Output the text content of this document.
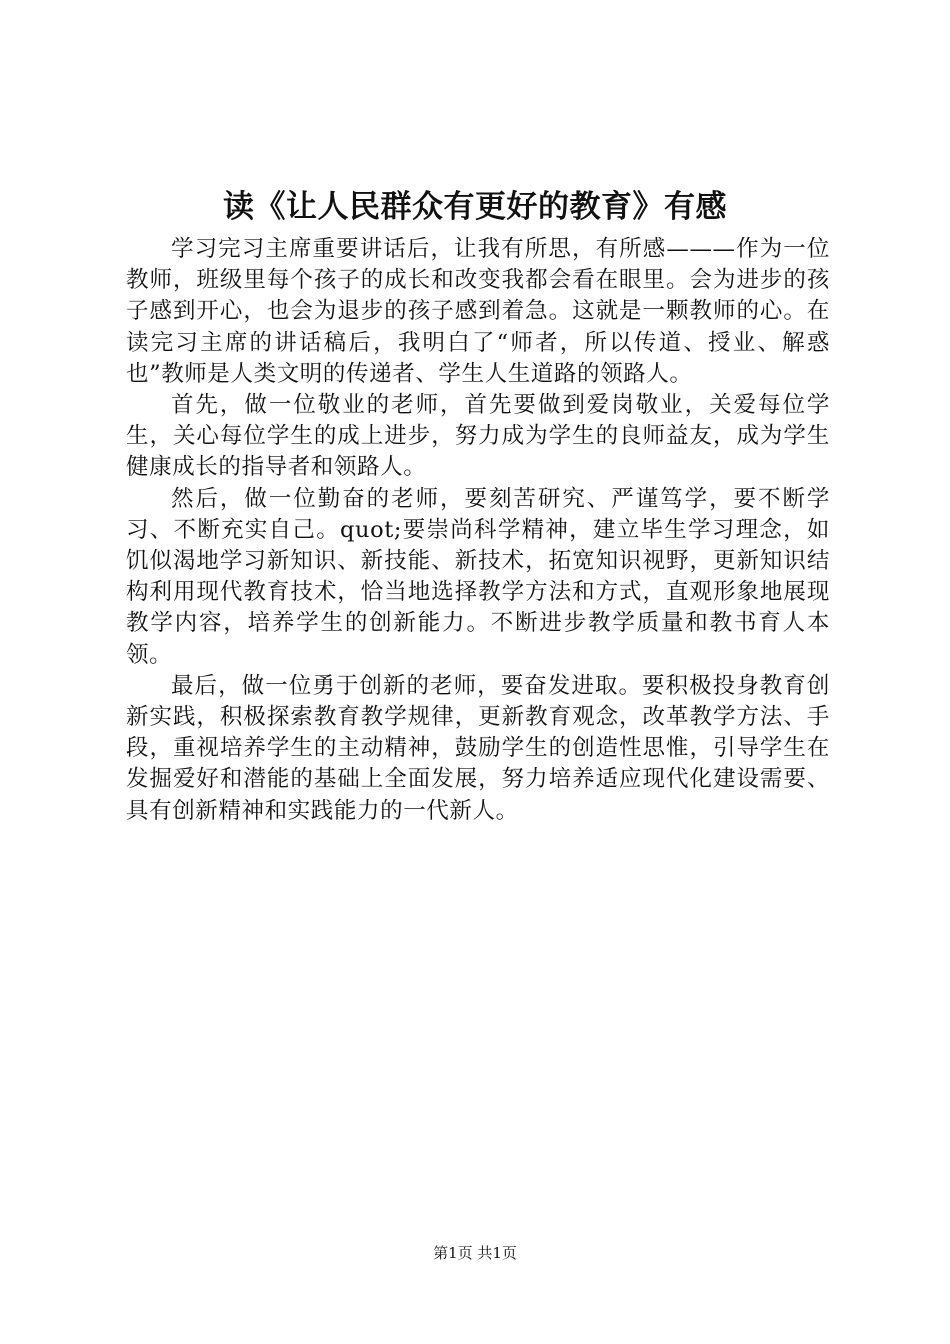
读《让人民群众有更好的教育》有感

学习完习主席重要讲话后，让我有所思，有所感———作为一位教师，班级里每个孩子的成长和改变我都会看在眼里。会为进步的孩子感到开心，也会为退步的孩子感到着急。这就是一颗教师的心。在读完习主席的讲话稿后，我明白了“师者，所以传道、授业、解惑也”教师是人类文明的传递者、学生人生道路的领路人。

首先，做一位敬业的老师，首先要做到爱岗敬业，关爱每位学生，关心每位学生的成上进步，努力成为学生的良师益友，成为学生健康成长的指导者和领路人。

然后，做一位勤奋的老师，要刻苦研究、严谨笃学，要不断学习、不断充实自己。quot;要崇尚科学精神，建立毕生学习理念，如饥似渴地学习新知识、新技能、新技术，拓宽知识视野，更新知识结构利用现代教育技术，恰当地选择教学方法和方式，直观形象地展现教学内容，培养学生的创新能力。不断进步教学质量和教书育人本领。

最后，做一位勇于创新的老师，要奋发进取。要积极投身教育创新实践，积极探索教育教学规律，更新教育观念，改革教学方法、手段，重视培养学生的主动精神，鼓励学生的创造性思惟，引导学生在发掘爱好和潜能的基础上全面发展，努力培养适应现代化建设需要、具有创新精神和实践能力的一代新人。

第1页 共1页
